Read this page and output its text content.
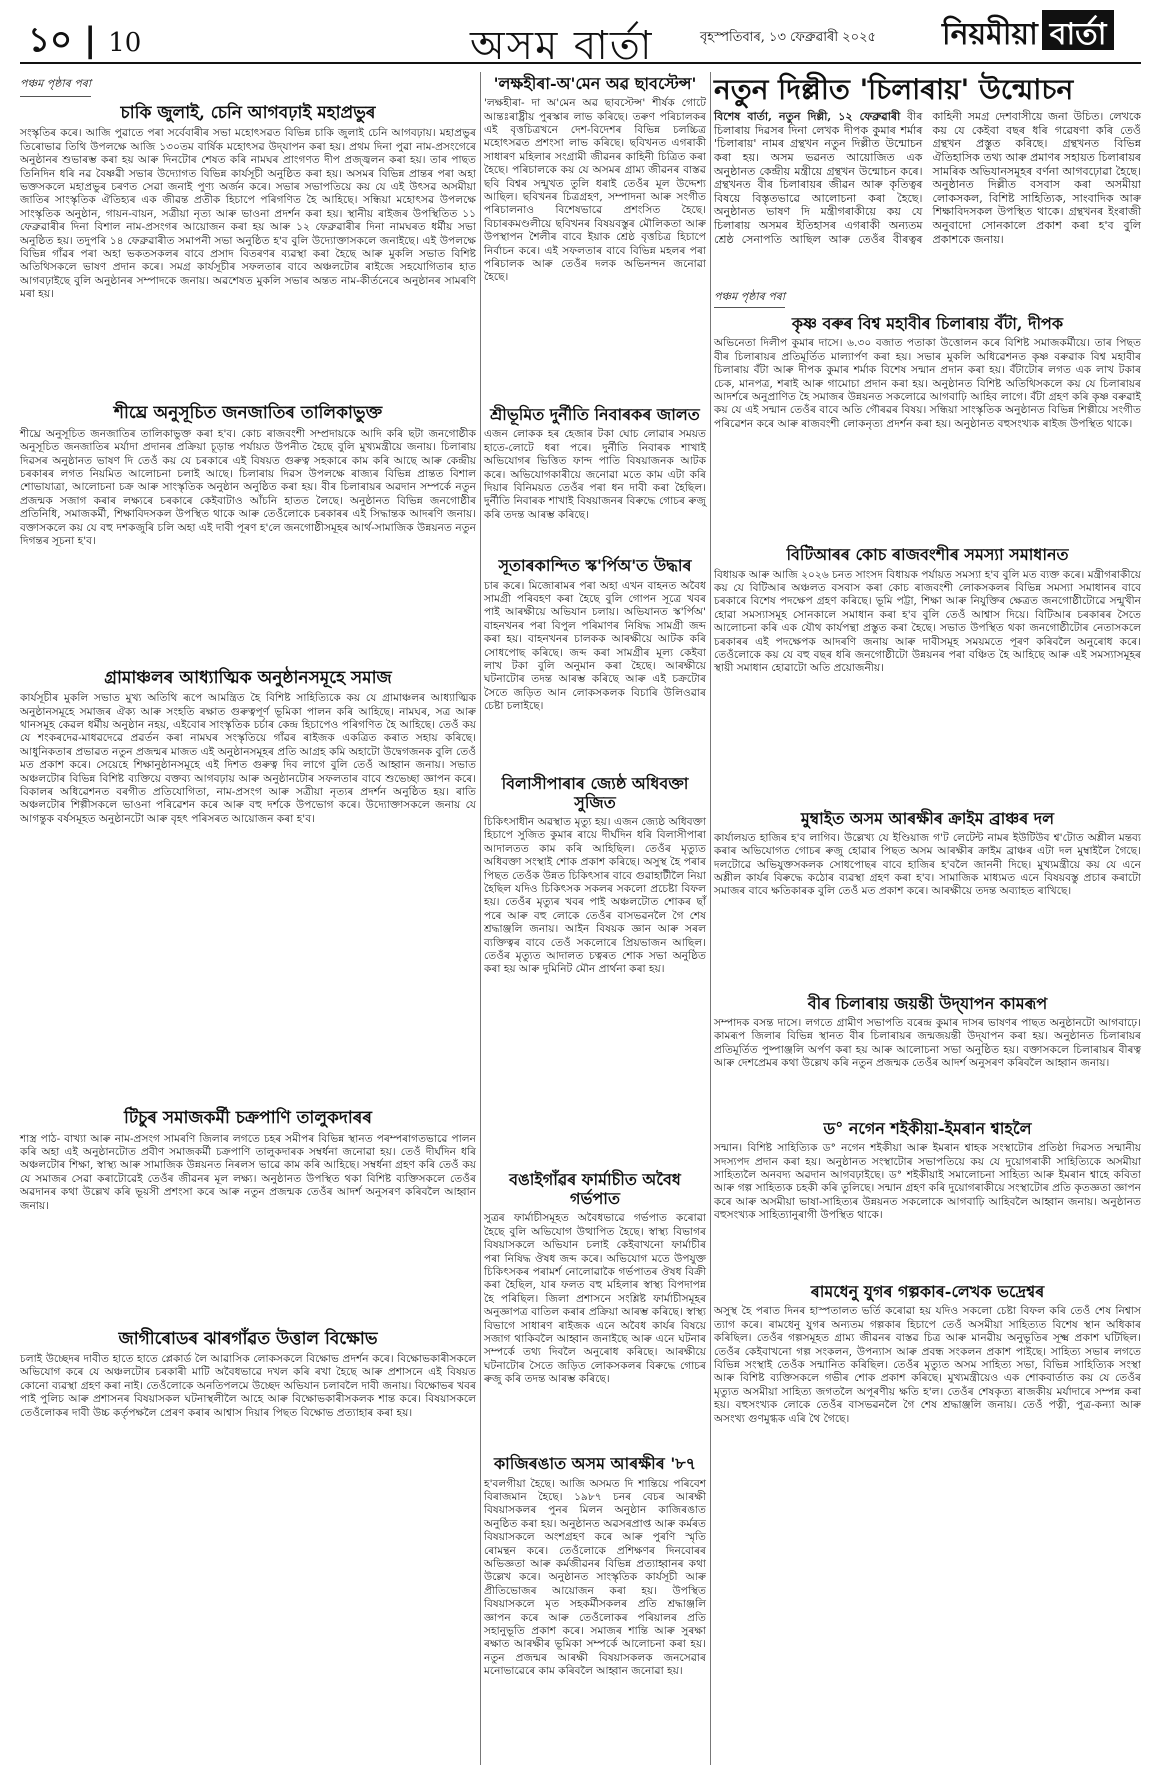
১০ | 10	অসম বাৰ্তা	বৃহস্পতিবাৰ, ১৩ ফেব্ৰুৱাৰী ২০২৫ নিয়মীয়া বাৰ্তা
পঞ্চম পৃষ্ঠাৰ পৰা
চাকি জুলাই, চেনি আগবঢ়াই মহাপ্ৰভুৰ
সংস্কৃতিৰ কৰে। আজি পুৱাতে পৰা সৰ্বেবাৰীৰ সভা মহোৎসৱত বিভিন্ন চাকি জুলাই চেনি আগবঢ়ায়। মহাপ্ৰভুৰ তিৰোভাৱ তিথি উপলক্ষে আজি ১৩০তম বাৰ্ষিক মহোৎসৱ উদ্‌যাপন কৰা হয়। প্ৰথম দিনা পুৱা নাম-প্ৰসংগেৰে অনুষ্ঠানৰ শুভাৰম্ভ কৰা হয় আৰু দিনটোৰ শেষত কৰি নামঘৰ প্ৰাংগণত দীপ প্ৰজ্জ্বলন কৰা হয়। তাৰ পাছত তিনিদিন ধৰি নৱ বৈষ্ণৱী সভাৰ উদ্যোগত বিভিন্ন কাৰ্যসূচী অনুষ্ঠিত কৰা হয়। অসমৰ বিভিন্ন প্ৰান্তৰ পৰা অহা ভক্তসকলে মহাপ্ৰভুৰ চৰণত সেৱা জনাই পুণ্য অৰ্জন কৰে। সভাৰ সভাপতিয়ে কয় যে এই উৎসৱ অসমীয়া জাতিৰ সাংস্কৃতিক ঐতিহ্যৰ এক জীৱন্ত প্ৰতীক হিচাপে পৰিগণিত হৈ আহিছে। সন্ধিয়া মহোৎসৱ উপলক্ষে সাংস্কৃতিক অনুষ্ঠান, গায়ন-বায়ন, সত্ৰীয়া নৃত্য আৰু ভাওনা প্ৰদৰ্শন কৰা হয়। স্থানীয় ৰাইজৰ উপস্থিতিত ১১ ফেব্ৰুৱাৰীৰ দিনা বিশাল নাম-প্ৰসংগৰ আয়োজন কৰা হয় আৰু ১২ ফেব্ৰুৱাৰীৰ দিনা নামঘৰত ধৰ্মীয় সভা অনুষ্ঠিত হয়। তদুপৰি ১৪ ফেব্ৰুৱাৰীত সমাপনী সভা অনুষ্ঠিত হ'ব বুলি উদ্যোক্তাসকলে জনাইছে। এই উপলক্ষে বিভিন্ন গাঁৱৰ পৰা অহা ভকতসকলৰ বাবে প্ৰসাদ বিতৰণৰ ব্যৱস্থা কৰা হৈছে আৰু মুকলি সভাত বিশিষ্ট অতিথিসকলে ভাষণ প্ৰদান কৰে। সমগ্ৰ কাৰ্যসূচীৰ সফলতাৰ বাবে অঞ্চলটোৰ ৰাইজে সহযোগিতাৰ হাত আগবঢ়াইছে বুলি অনুষ্ঠানৰ সম্পাদকে জনায়। অৱশেষত মুকলি সভাৰ অন্তত নাম-কীৰ্তনেৰে অনুষ্ঠানৰ সামৰণি মৰা হয়।
শীঘ্ৰে অনুসূচিত জনজাতিৰ তালিকাভুক্ত
শীঘ্ৰে অনুসূচিত জনজাতিৰ তালিকাভুক্ত কৰা হ'ব। কোচ ৰাজবংশী সম্প্ৰদায়কে আদি কৰি ছটা জনগোষ্ঠীক অনুসূচিত জনজাতিৰ মৰ্যাদা প্ৰদানৰ প্ৰক্ৰিয়া চূড়ান্ত পৰ্যায়ত উপনীত হৈছে বুলি মুখ্যমন্ত্ৰীয়ে জনায়। চিলাৰায় দিৱসৰ অনুষ্ঠানত ভাষণ দি তেওঁ কয় যে চৰকাৰে এই বিষয়ত গুৰুত্ব সহকাৰে কাম কৰি আছে আৰু কেন্দ্ৰীয় চৰকাৰৰ লগত নিয়মিত আলোচনা চলাই আছে। চিলাৰায় দিৱস উপলক্ষে ৰাজ্যৰ বিভিন্ন প্ৰান্তত বিশাল শোভাযাত্ৰা, আলোচনা চক্ৰ আৰু সাংস্কৃতিক অনুষ্ঠান অনুষ্ঠিত কৰা হয়। বীৰ চিলাৰায়ৰ অৱদান সম্পৰ্কে নতুন প্ৰজন্মক সজাগ কৰাৰ লক্ষ্যৰে চৰকাৰে কেইবাটাও আঁচনি হাতত লৈছে। অনুষ্ঠানত বিভিন্ন জনগোষ্ঠীৰ প্ৰতিনিধি, সমাজকৰ্মী, শিক্ষাবিদসকল উপস্থিত থাকে আৰু তেওঁলোকে চৰকাৰৰ এই সিদ্ধান্তক আদৰণি জনায়। বক্তাসকলে কয় যে বহু দশকজুৰি চলি অহা এই দাবী পূৰণ হ'লে জনগোষ্ঠীসমূহৰ আৰ্থ-সামাজিক উন্নয়নত নতুন দিগন্তৰ সূচনা হ'ব।
গ্ৰামাঞ্চলৰ আধ্যাত্মিক অনুষ্ঠানসমূহে সমাজ
কাৰ্যসূচীৰ মুকলি সভাত মুখ্য অতিথি ৰূপে আমন্ত্ৰিত হৈ বিশিষ্ট সাহিত্যিকে কয় যে গ্ৰামাঞ্চলৰ আধ্যাত্মিক অনুষ্ঠানসমূহে সমাজৰ ঐক্য আৰু সংহতি ৰক্ষাত গুৰুত্বপূৰ্ণ ভূমিকা পালন কৰি আহিছে। নামঘৰ, সত্ৰ আৰু থানসমূহ কেৱল ধৰ্মীয় অনুষ্ঠান নহয়, এইবোৰ সাংস্কৃতিক চৰ্চাৰ কেন্দ্ৰ হিচাপেও পৰিগণিত হৈ আহিছে। তেওঁ কয় যে শংকৰদেৱ-মাধৱদেৱে প্ৰৱৰ্তন কৰা নামঘৰ সংস্কৃতিয়ে গাঁৱৰ ৰাইজক একত্ৰিত কৰাত সহায় কৰিছে। আধুনিকতাৰ প্ৰভাৱত নতুন প্ৰজন্মৰ মাজত এই অনুষ্ঠানসমূহৰ প্ৰতি আগ্ৰহ কমি অহাটো উদ্বেগজনক বুলি তেওঁ মত প্ৰকাশ কৰে। সেয়েহে শিক্ষানুষ্ঠানসমূহে এই দিশত গুৰুত্ব দিব লাগে বুলি তেওঁ আহ্বান জনায়। সভাত অঞ্চলটোৰ বিভিন্ন বিশিষ্ট ব্যক্তিয়ে বক্তব্য আগবঢ়ায় আৰু অনুষ্ঠানটোৰ সফলতাৰ বাবে শুভেচ্ছা জ্ঞাপন কৰে। বিকালৰ অধিৱেশনত বৰগীত প্ৰতিযোগিতা, নাম-প্ৰসংগ আৰু সত্ৰীয়া নৃত্যৰ প্ৰদৰ্শন অনুষ্ঠিত হয়। ৰাতি অঞ্চলটোৰ শিল্পীসকলে ভাওনা পৰিৱেশন কৰে আৰু বহু দৰ্শকে উপভোগ কৰে। উদ্যোক্তাসকলে জনায় যে আগন্তুক বৰ্ষসমূহত অনুষ্ঠানটো আৰু বৃহৎ পৰিসৰত আয়োজন কৰা হ'ব।
টিচুৰ সমাজকৰ্মী চক্ৰপাণি তালুকদাৰৰ
শাস্ত্ৰ পাঠ- বাখ্যা আৰু নাম-প্ৰসংগ সামৰণি জিলাৰ লগতে চহৰ সমীপৰ বিভিন্ন স্থানত পৰম্পৰাগতভাৱে পালন কৰি অহা এই অনুষ্ঠানটোত প্ৰবীণ সমাজকৰ্মী চক্ৰপাণি তালুকদাৰক সম্বৰ্ধনা জনোৱা হয়। তেওঁ দীৰ্ঘদিন ধৰি অঞ্চলটোৰ শিক্ষা, স্বাস্থ্য আৰু সামাজিক উন্নয়নত নিৰলস ভাৱে কাম কৰি আহিছে। সম্বৰ্ধনা গ্ৰহণ কৰি তেওঁ কয় যে সমাজৰ সেৱা কৰাটোৱেই তেওঁৰ জীৱনৰ মূল লক্ষ্য। অনুষ্ঠানত উপস্থিত থকা বিশিষ্ট ব্যক্তিসকলে তেওঁৰ অৱদানৰ কথা উল্লেখ কৰি ভূয়সী প্ৰশংসা কৰে আৰু নতুন প্ৰজন্মক তেওঁৰ আদৰ্শ অনুসৰণ কৰিবলৈ আহ্বান জনায়।
জাগীৰোডৰ ঝাৰগাঁৱত উত্তাল বিক্ষোভ
চলাই উচ্ছেদৰ দাবীত হাতে হাতে প্লেকাৰ্ড লৈ আৱাসিক লোকসকলে বিক্ষোভ প্ৰদৰ্শন কৰে। বিক্ষোভকাৰীসকলে অভিযোগ কৰে যে অঞ্চলটোৰ চৰকাৰী মাটি অবৈধভাৱে দখল কৰি ৰখা হৈছে আৰু প্ৰশাসনে এই বিষয়ত কোনো ব্যৱস্থা গ্ৰহণ কৰা নাই। তেওঁলোকে অনতিপলমে উচ্ছেদ অভিযান চলাবলৈ দাবী জনায়। বিক্ষোভৰ খবৰ পাই পুলিচ আৰু প্ৰশাসনৰ বিষয়াসকল ঘটনাস্থলীলৈ আহে আৰু বিক্ষোভকাৰীসকলক শান্ত কৰে। বিষয়াসকলে তেওঁলোকৰ দাবী উচ্চ কৰ্তৃপক্ষলৈ প্ৰেৰণ কৰাৰ আশ্বাস দিয়াৰ পিছত বিক্ষোভ প্ৰত্যাহাৰ কৰা হয়।
'লক্ষহীৰা-অ'মেন অৱ ছাবস্টেন্স'
'লক্ষহীৰা- দা অ'মেন অৱ ছাবস্টেন্স' শীৰ্ষক গোটে আন্তঃৰাষ্ট্ৰীয় পুৰস্কাৰ লাভ কৰিছে। তৰুণ পৰিচালকৰ এই বৃত্তচিত্ৰখনে দেশ-বিদেশৰ বিভিন্ন চলচ্চিত্ৰ মহোৎসৱত প্ৰশংসা লাভ কৰিছে। ছবিখনত এগৰাকী সাধাৰণ মহিলাৰ সংগ্ৰামী জীৱনৰ কাহিনী চিত্ৰিত কৰা হৈছে। পৰিচালকে কয় যে অসমৰ গ্ৰাম্য জীৱনৰ বাস্তৱ ছবি বিশ্বৰ সন্মুখত তুলি ধৰাই তেওঁৰ মূল উদ্দেশ্য আছিল। ছবিখনৰ চিত্ৰগ্ৰহণ, সম্পাদনা আৰু সংগীত পৰিচালনাও বিশেষভাৱে প্ৰশংসিত হৈছে। বিচাৰকমণ্ডলীয়ে ছবিখনৰ বিষয়বস্তুৰ মৌলিকতা আৰু উপস্থাপন শৈলীৰ বাবে ইয়াক শ্ৰেষ্ঠ বৃত্তচিত্ৰ হিচাপে নিৰ্বাচন কৰে। এই সফলতাৰ বাবে বিভিন্ন মহলৰ পৰা পৰিচালক আৰু তেওঁৰ দলক অভিনন্দন জনোৱা হৈছে।
শ্ৰীভূমিত দুৰ্নীতি নিবাৰকৰ জালত
এজন লোকক হৰ হেজাৰ টকা ঘোচ লোৱাৰ সময়ত হাতে-লোটে ধৰা পৰে। দুৰ্নীতি নিবাৰক শাখাই অভিযোগৰ ভিত্তিত ফান্দ পাতি বিষয়াজনক আটক কৰে। অভিযোগকাৰীয়ে জনোৱা মতে কাম এটা কৰি দিয়াৰ বিনিময়ত তেওঁৰ পৰা ধন দাবী কৰা হৈছিল। দুৰ্নীতি নিবাৰক শাখাই বিষয়াজনৰ বিৰুদ্ধে গোচৰ ৰুজু কৰি তদন্ত আৰম্ভ কৰিছে।
সূতাৰকান্দিত স্ক'ৰ্পিঅ'ত উদ্ধাৰ
চাৰ কৰে। মিজোৰামৰ পৰা অহা এখন বাহনত অবৈধ সামগ্ৰী পৰিবহণ কৰা হৈছে বুলি গোপন সূত্ৰে খবৰ পাই আৰক্ষীয়ে অভিযান চলায়। অভিযানত স্ক'ৰ্পিঅ' বাহনখনৰ পৰা বিপুল পৰিমাণৰ নিষিদ্ধ সামগ্ৰী জব্দ কৰা হয়। বাহনখনৰ চালকক আৰক্ষীয়ে আটক কৰি সোধপোছ কৰিছে। জব্দ কৰা সামগ্ৰীৰ মূল্য কেইবা লাখ টকা বুলি অনুমান কৰা হৈছে। আৰক্ষীয়ে ঘটনাটোৰ তদন্ত আৰম্ভ কৰিছে আৰু এই চক্ৰটোৰ সৈতে জড়িত আন লোকসকলক বিচাৰি উলিওৱাৰ চেষ্টা চলাইছে।
বিলাসীপাৰাৰ জ্যেষ্ঠ অধিবক্তা সুজিত
চিকিৎসাধীন অৱস্থাত মৃত্যু হয়। এজন জ্যেষ্ঠ অধিবক্তা হিচাপে সুজিত কুমাৰ ৰায়ে দীৰ্ঘদিন ধৰি বিলাসীপাৰা আদালতত কাম কৰি আহিছিল। তেওঁৰ মৃত্যুত অধিবক্তা সংস্থাই শোক প্ৰকাশ কৰিছে। অসুস্থ হৈ পৰাৰ পিছত তেওঁক উন্নত চিকিৎসাৰ বাবে গুৱাহাটীলৈ নিয়া হৈছিল যদিও চিকিৎসক সকলৰ সকলো প্ৰচেষ্টা বিফল হয়। তেওঁৰ মৃত্যুৰ খবৰ পাই অঞ্চলটোত শোকৰ ছাঁ পৰে আৰু বহু লোকে তেওঁৰ বাসভৱনলৈ গৈ শেষ শ্ৰদ্ধাঞ্জলি জনায়। আইন বিষয়ক জ্ঞান আৰু সৰল ব্যক্তিত্বৰ বাবে তেওঁ সকলোৰে প্ৰিয়ভাজন আছিল। তেওঁৰ মৃত্যুত আদালত চত্বৰত শোক সভা অনুষ্ঠিত কৰা হয় আৰু দুমিনিট মৌন প্ৰাৰ্থনা কৰা হয়।
বঙাইগাঁৱৰ ফাৰ্মাচীত অবৈধ গৰ্ভপাত
সুত্ৰৰ ফাৰ্মাচীসমূহত অবৈধভাৱে গৰ্ভপাত কৰোৱা হৈছে বুলি অভিযোগ উত্থাপিত হৈছে। স্বাস্থ্য বিভাগৰ বিষয়াসকলে অভিযান চলাই কেইবাখনো ফাৰ্মাচীৰ পৰা নিষিদ্ধ ঔষধ জব্দ কৰে। অভিযোগ মতে উপযুক্ত চিকিৎসকৰ পৰামৰ্শ নোলোৱাকৈ গৰ্ভপাতৰ ঔষধ বিক্ৰী কৰা হৈছিল, যাৰ ফলত বহু মহিলাৰ স্বাস্থ্য বিপদাপন্ন হৈ পৰিছিল। জিলা প্ৰশাসনে সংশ্লিষ্ট ফাৰ্মাচীসমূহৰ অনুজ্ঞাপত্ৰ বাতিল কৰাৰ প্ৰক্ৰিয়া আৰম্ভ কৰিছে। স্বাস্থ্য বিভাগে সাধাৰণ ৰাইজক এনে অবৈধ কাৰ্যৰ বিষয়ে সজাগ থাকিবলৈ আহ্বান জনাইছে আৰু এনে ঘটনাৰ সম্পৰ্কে তথ্য দিবলৈ অনুৰোধ কৰিছে। আৰক্ষীয়ে ঘটনাটোৰ সৈতে জড়িত লোকসকলৰ বিৰুদ্ধে গোচৰ ৰুজু কৰি তদন্ত আৰম্ভ কৰিছে।
কাজিৰঙাত অসম আৰক্ষীৰ '৮৭
হ'বলগীয়া হৈছে। আজি অসমত দি শান্তিয়ে পৰিবেশ বিৰাজমান হৈছে। ১৯৮৭ চনৰ বেচৰ আৰক্ষী বিষয়াসকলৰ পুনৰ মিলন অনুষ্ঠান কাজিৰঙাত অনুষ্ঠিত কৰা হয়। অনুষ্ঠানত অৱসৰপ্ৰাপ্ত আৰু কৰ্মৰত বিষয়াসকলে অংশগ্ৰহণ কৰে আৰু পুৰণি স্মৃতি ৰোমন্থন কৰে। তেওঁলোকে প্ৰশিক্ষণৰ দিনবোৰৰ অভিজ্ঞতা আৰু কৰ্মজীৱনৰ বিভিন্ন প্ৰত্যাহ্বানৰ কথা উল্লেখ কৰে। অনুষ্ঠানত সাংস্কৃতিক কাৰ্যসূচী আৰু প্ৰীতিভোজৰ আয়োজন কৰা হয়। উপস্থিত বিষয়াসকলে মৃত সহকৰ্মীসকলৰ প্ৰতি শ্ৰদ্ধাঞ্জলি জ্ঞাপন কৰে আৰু তেওঁলোকৰ পৰিয়ালৰ প্ৰতি সহানুভূতি প্ৰকাশ কৰে। সমাজৰ শান্তি আৰু সুৰক্ষা ৰক্ষাত আৰক্ষীৰ ভূমিকা সম্পৰ্কে আলোচনা কৰা হয়। নতুন প্ৰজন্মৰ আৰক্ষী বিষয়াসকলক জনসেৱাৰ মনোভাৱেৰে কাম কৰিবলৈ আহ্বান জনোৱা হয়।
নতুন দিল্লীত 'চিলাৰায়' উন্মোচন
বিশেষ বাৰ্তা, নতুন দিল্লী, ১২ ফেব্ৰুৱাৰী বীৰ চিলাৰায় দিৱসৰ দিনা লেখক দীপক কুমাৰ শৰ্মাৰ 'চিলাৰায়' নামৰ গ্ৰন্থখন নতুন দিল্লীত উন্মোচন কৰা হয়। অসম ভৱনত আয়োজিত এক অনুষ্ঠানত কেন্দ্ৰীয় মন্ত্ৰীয়ে গ্ৰন্থখন উন্মোচন কৰে। গ্ৰন্থখনত বীৰ চিলাৰায়ৰ জীৱন আৰু কৃতিত্বৰ বিষয়ে বিস্তৃতভাৱে আলোচনা কৰা হৈছে। অনুষ্ঠানত ভাষণ দি মন্ত্ৰীগৰাকীয়ে কয় যে চিলাৰায় অসমৰ ইতিহাসৰ এগৰাকী অন্যতম শ্ৰেষ্ঠ সেনাপতি আছিল আৰু তেওঁৰ বীৰত্বৰ কাহিনী সমগ্ৰ দেশবাসীয়ে জনা উচিত। লেখকে কয় যে কেইবা বছৰ ধৰি গৱেষণা কৰি তেওঁ গ্ৰন্থখন প্ৰস্তুত কৰিছে। গ্ৰন্থখনত বিভিন্ন ঐতিহাসিক তথ্য আৰু প্ৰমাণৰ সহায়ত চিলাৰায়ৰ সামৰিক অভিযানসমূহৰ বৰ্ণনা আগবঢ়োৱা হৈছে। অনুষ্ঠানত দিল্লীত বসবাস কৰা অসমীয়া লোকসকল, বিশিষ্ট সাহিত্যিক, সাংবাদিক আৰু শিক্ষাবিদসকল উপস্থিত থাকে। গ্ৰন্থখনৰ ইংৰাজী অনুবাদো সোনকালে প্ৰকাশ কৰা হ'ব বুলি প্ৰকাশকে জনায়।
পঞ্চম পৃষ্ঠাৰ পৰা
কৃষ্ণ বৰুৰ বিশ্ব মহাবীৰ চিলাৰায় বঁটা, দীপক
অভিনেতা দিলীপ কুমাৰ দাসে। ৬.৩০ বজাত পতাকা উত্তোলন কৰে বিশিষ্ট সমাজকৰ্মীয়ে। তাৰ পিছত বীৰ চিলাৰায়ৰ প্ৰতিমূৰ্তিত মাল্যাৰ্পণ কৰা হয়। সভাৰ মুকলি অধিৱেশনত কৃষ্ণ বৰুৱাক বিশ্ব মহাবীৰ চিলাৰায় বঁটা আৰু দীপক কুমাৰ শৰ্মাক বিশেষ সন্মান প্ৰদান কৰা হয়। বঁটাটোৰ লগত এক লাখ টকাৰ চেক, মানপত্ৰ, শৰাই আৰু গামোচা প্ৰদান কৰা হয়। অনুষ্ঠানত বিশিষ্ট অতিথিসকলে কয় যে চিলাৰায়ৰ আদৰ্শৰে অনুপ্ৰাণিত হৈ সমাজৰ উন্নয়নত সকলোৱে আগবাঢ়ি আহিব লাগে। বঁটা গ্ৰহণ কৰি কৃষ্ণ বৰুৱাই কয় যে এই সন্মান তেওঁৰ বাবে অতি গৌৰৱৰ বিষয়। সন্ধিয়া সাংস্কৃতিক অনুষ্ঠানত বিভিন্ন শিল্পীয়ে সংগীত পৰিৱেশন কৰে আৰু ৰাজবংশী লোকনৃত্য প্ৰদৰ্শন কৰা হয়। অনুষ্ঠানত বহুসংখ্যক ৰাইজ উপস্থিত থাকে।
বিটিআৰৰ কোচ ৰাজবংশীৰ সমস্যা সমাধানত
বিধায়ক আৰু আজি ২০২৬ চনত সাংসদ বিধায়ক পৰ্যায়ত সমস্যা হ'ব বুলি মত ব্যক্ত কৰে। মন্ত্ৰীগৰাকীয়ে কয় যে বিটিআৰ অঞ্চলত বসবাস কৰা কোচ ৰাজবংশী লোকসকলৰ বিভিন্ন সমস্যা সমাধানৰ বাবে চৰকাৰে বিশেষ পদক্ষেপ গ্ৰহণ কৰিছে। ভূমি পট্টা, শিক্ষা আৰু নিযুক্তিৰ ক্ষেত্ৰত জনগোষ্ঠীটোৱে সন্মুখীন হোৱা সমস্যাসমূহ সোনকালে সমাধান কৰা হ'ব বুলি তেওঁ আশ্বাস দিয়ে। বিটিআৰ চৰকাৰৰ সৈতে আলোচনা কৰি এক যৌথ কাৰ্যপন্থা প্ৰস্তুত কৰা হৈছে। সভাত উপস্থিত থকা জনগোষ্ঠীটোৰ নেতাসকলে চৰকাৰৰ এই পদক্ষেপক আদৰণি জনায় আৰু দাবীসমূহ সময়মতে পূৰণ কৰিবলৈ অনুৰোধ কৰে। তেওঁলোকে কয় যে বহু বছৰ ধৰি জনগোষ্ঠীটো উন্নয়নৰ পৰা বঞ্চিত হৈ আহিছে আৰু এই সমস্যাসমূহৰ স্থায়ী সমাধান হোৱাটো অতি প্ৰয়োজনীয়।
মুম্বাইত অসম আৰক্ষীৰ ক্ৰাইম ব্ৰাঞ্চৰ দল
কাৰ্যালয়ত হাজিৰ হ'ব লাগিব। উল্লেখ্য যে ইণ্ডিয়াজ গ'ট লেটেন্ট নামৰ ইউটিউব শ্ব'টোত অশ্লীল মন্তব্য কৰাৰ অভিযোগত গোচৰ ৰুজু হোৱাৰ পিছত অসম আৰক্ষীৰ ক্ৰাইম ব্ৰাঞ্চৰ এটা দল মুম্বাইলৈ গৈছে। দলটোৱে অভিযুক্তসকলক সোধপোছৰ বাবে হাজিৰ হ'বলৈ জাননী দিছে। মুখ্যমন্ত্ৰীয়ে কয় যে এনে অশ্লীল কাৰ্যৰ বিৰুদ্ধে কঠোৰ ব্যৱস্থা গ্ৰহণ কৰা হ'ব। সামাজিক মাধ্যমত এনে বিষয়বস্তু প্ৰচাৰ কৰাটো সমাজৰ বাবে ক্ষতিকাৰক বুলি তেওঁ মত প্ৰকাশ কৰে। আৰক্ষীয়ে তদন্ত অব্যাহত ৰাখিছে।
বীৰ চিলাৰায় জয়ন্তী উদ্‌যাপন কামৰূপ
সম্পাদক বসন্ত দাসে। লগতে গ্ৰামীণ সভাপতি বৰেন্দ্ৰ কুমাৰ দাসৰ ভাষণৰ পাছত অনুষ্ঠানটো আগবাঢ়ে। কামৰূপ জিলাৰ বিভিন্ন স্থানত বীৰ চিলাৰায়ৰ জন্মজয়ন্তী উদ্‌যাপন কৰা হয়। অনুষ্ঠানত চিলাৰায়ৰ প্ৰতিমূৰ্তিত পুষ্পাঞ্জলি অৰ্পণ কৰা হয় আৰু আলোচনা সভা অনুষ্ঠিত হয়। বক্তাসকলে চিলাৰায়ৰ বীৰত্ব আৰু দেশপ্ৰেমৰ কথা উল্লেখ কৰি নতুন প্ৰজন্মক তেওঁৰ আদৰ্শ অনুসৰণ কৰিবলৈ আহ্বান জনায়।
ড° নগেন শইকীয়া-ইমৰান শ্বাহলৈ
সন্মান। বিশিষ্ট সাহিত্যিক ড° নগেন শইকীয়া আৰু ইমৰান শ্বাহক সংস্থাটোৰ প্ৰতিষ্ঠা দিৱসত সন্মানীয় সদস্যপদ প্ৰদান কৰা হয়। অনুষ্ঠানত সংস্থাটোৰ সভাপতিয়ে কয় যে দুয়োগৰাকী সাহিত্যিকে অসমীয়া সাহিত্যলৈ অনবদ্য অৱদান আগবঢ়াইছে। ড° শইকীয়াই সমালোচনা সাহিত্য আৰু ইমৰান শ্বাহে কবিতা আৰু গল্প সাহিত্যক চহকী কৰি তুলিছে। সন্মান গ্ৰহণ কৰি দুয়োগৰাকীয়ে সংস্থাটোৰ প্ৰতি কৃতজ্ঞতা জ্ঞাপন কৰে আৰু অসমীয়া ভাষা-সাহিত্যৰ উন্নয়নত সকলোকে আগবাঢ়ি আহিবলৈ আহ্বান জনায়। অনুষ্ঠানত বহুসংখ্যক সাহিত্যানুৰাগী উপস্থিত থাকে।
ৰামধেনু যুগৰ গল্পকাৰ-লেখক ভদ্ৰেশ্বৰ
অসুস্থ হৈ পৰাত দিনৰ হাস্পতালত ভৰ্তি কৰোৱা হয় যদিও সকলো চেষ্টা বিফল কৰি তেওঁ শেষ নিশ্বাস ত্যাগ কৰে। ৰামধেনু যুগৰ অন্যতম গল্পকাৰ হিচাপে তেওঁ অসমীয়া সাহিত্যত বিশেষ স্থান অধিকাৰ কৰিছিল। তেওঁৰ গল্পসমূহত গ্ৰাম্য জীৱনৰ বাস্তৱ চিত্ৰ আৰু মানৱীয় অনুভূতিৰ সূক্ষ্ম প্ৰকাশ ঘটিছিল। তেওঁৰ কেইবাখনো গল্প সংকলন, উপন্যাস আৰু প্ৰবন্ধ সংকলন প্ৰকাশ পাইছে। সাহিত্য সভাৰ লগতে বিভিন্ন সংস্থাই তেওঁক সন্মানিত কৰিছিল। তেওঁৰ মৃত্যুত অসম সাহিত্য সভা, বিভিন্ন সাহিত্যিক সংস্থা আৰু বিশিষ্ট ব্যক্তিসকলে গভীৰ শোক প্ৰকাশ কৰিছে। মুখ্যমন্ত্ৰীয়েও এক শোকবাৰ্তাত কয় যে তেওঁৰ মৃত্যুত অসমীয়া সাহিত্য জগতলৈ অপূৰণীয় ক্ষতি হ'ল। তেওঁৰ শেষকৃত্য ৰাজকীয় মৰ্যাদাৰে সম্পন্ন কৰা হয়। বহুসংখ্যক লোকে তেওঁৰ বাসভৱনলৈ গৈ শেষ শ্ৰদ্ধাঞ্জলি জনায়। তেওঁ পত্নী, পুত্ৰ-কন্যা আৰু অসংখ্য গুণমুগ্ধক এৰি থৈ গৈছে।
